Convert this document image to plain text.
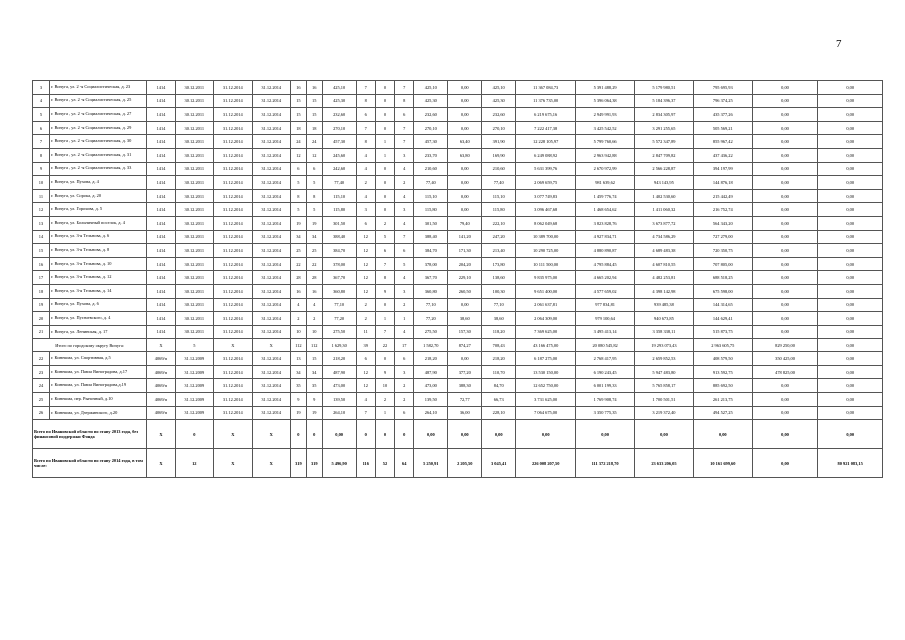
7
3	г. Вичуга, ул. 2 -я Социалистическая, д. 23	1414	30.12.2011	31.12.2014	31.12.2014	16	16	425,10	7	0	7	425,10	0,00	425,10	11 367 084,73	5 391 488,29	5 179 980,51	795 695,93	0,00	0,00
4	г. Вичуга , ул. 2 -я Социалистическая, д. 25	1414	30.12.2011	31.12.2014	31.12.2014	15	15	425,30	8	0	8	425,30	0,00	425,30	11 376 735,00	5 396 064,38	5 184 396,37	796 374,25	0,00	0,00
5	г. Вичуга , ул. 2 -я Социалистическая, д. 27	1414	30.12.2011	31.12.2014	31.12.2014	15	15	232,60	6	0	6	232,60	0,00	232,60	6 219 675,16	2 949 991,93	2 834 305,97	435 377,26	0,00	0,00
6	г. Вичуга , ул. 2 -я Социалистическая, д. 29	1414	30.12.2011	31.12.2014	31.12.2014	18	18	270,10	7	0	7	270,10	0,00	270,10	7 222 417,38	3 425 542,52	3 291 255,65	505 569,21	0,00	0,00
7	г. Вичуга , ул. 2 -я Социалистическая, д. 30	1414	30.12.2011	31.12.2014	31.12.2014	24	24	457,30	8	1	7	457,30	63,40	391,90	12 228 105,97	5 799 760,66	5 572 347,89	855 967,42	0,00	0,00
8	г. Вичуга , ул. 2 -я Социалистическая, д. 31	1414	30.12.2011	31.12.2014	31.12.2014	12	12	245,60	4	1	3	233,70	63,80	169,90	6 249 088,92	2 963 942,88	2 847 709,82	437 436,22	0,00	0,00
9	г. Вичуга , ул. 2 -я Социалистическая, д. 33	1414	30.12.2011	31.12.2014	31.12.2014	6	6	242,60	4	0	4	210,60	0,00	210,60	5 631 399,76	2 670 972,99	2 566 228,87	394 197,99	0,00	0,00
10	г. Вичуга, ул. Пухова, д. 4	1414	30.12.2011	31.12.2014	31.12.2014	5	5	77,40	2	0	2	77,40	0,00	77,40	2 069 659,75	981 639,62	943 143,95	144 876,18	0,00	0,00
11	г. Вичуга, ул. Сорока, д. 20	1414	30.12.2011	31.12.2014	31.12.2014	8	8	115,10	4	0	4	115,10	0,00	115,10	3 077 749,83	1 459 776,74	1 402 530,60	215 442,49	0,00	0,00
12	г. Вичуга, ул. Горохова, д. 5	1414	30.12.2011	31.12.2014	31.12.2014	5	5	115,80	3	0	3	115,80	0,00	115,80	3 096 467,68	1 468 654,62	1 411 060,32	216 752,74	0,00	0,00
13	г. Вичуга, ул. Больничный поселок, д. 4	1414	30.12.2011	31.12.2014	31.12.2014	19	19	301,50	6	2	4	301,50	79,40	222,10	8 062 049,68	3 823 828,76	3 673 877,72	564 343,20	0,00	0,00
14	г. Вичуга, ул. 3-я Тельнова, д. 6	1414	30.12.2011	31.12.2014	31.12.2014	34	34	388,40	12	5	7	388,40	141,20	247,20	10 389 700,00	4 927 834,71	4 734 586,29	727 279,00	0,00	0,00
15	г. Вичуга, ул. 3-я Тельнова, д. 8	1414	30.12.2011	31.12.2014	31.12.2014	25	25	384,70	12	6	6	384,70	171,30	213,40	10 290 725,00	4 880 890,87	4 689 483,38	720 350,75	0,00	0,00
16	г. Вичуга, ул. 3-я Тельнова, д. 10	1414	30.12.2011	31.12.2014	31.12.2014	22	22	378,00	12	7	5	378,00	204,20	173,80	10 111 500,00	4 795 884,45	4 607 810,55	707 805,00	0,00	0,00
17	г. Вичуга, ул. 3-я Тельнова, д. 12	1414	30.12.2011	31.12.2014	31.12.2014	28	28	367,70	12	8	4	367,70	229,10	138,60	9 835 975,00	4 665 202,94	4 482 253,81	688 518,25	0,00	0,00
18	г. Вичуга, ул. 3-я Тельнова, д. 14	1414	30.12.2011	31.12.2014	31.12.2014	16	16	360,80	12	9	3	360,80	260,50	100,30	9 651 400,00	4 577 659,02	4 398 142,98	675 598,00	0,00	0,00
19	г. Вичуга, ул. Пухова, д. 6	1414	30.12.2011	31.12.2014	31.12.2014	4	4	77,10	2	0	2	77,10	0,00	77,10	2 061 637,81	977 834,81	939 485,38	144 314,65	0,00	0,00
20	г. Вичуга, ул. Пугачевского, д. 4	1414	30.12.2011	31.12.2014	31.12.2014	2	2	77,20	2	1	1	77,20	38,60	38,60	2 064 309,00	979 100,64	940 673,85	144 629,41	0,00	0,00
21	г. Вичуга, ул. Ленинская, д. 17	1414	30.12.2011	31.12.2014	31.12.2014	10	10	275,50	11	7	4	275,50	157,30	118,20	7 369 625,00	3 495 413,14	3 358 338,11	515 873,75	0,00	0,00
Итого по городскому округу Вичуга:		X	5	X	X	112	112	1 629,30	39	22	17	1 582,70	874,27	708,43	43 166 475,00	20 080 545,82	19 293 073,43	2 963 605,75	829 250,00	0,00
22	г. Кинешма, ул. Спортивная, д.5	4069/п	31.12.2009	31.12.2014	31.12.2014	13	15	218,20	6	0	6	218,20	0,00	218,20	6 187 275,00	2 768 417,95	2 659 852,53	408 579,50	350 425,00	0,00
23	г. Кинешма, ул. Павла Виноградова, д.17	4069/п	31.12.2009	31.12.2014	31.12.2014	34	34	487,90	12	9	3	487,90	377,20	110,70	13 530 150,00	6 190 243,45	5 947 483,80	913 592,75	478 825,00	0,00
24	г. Кинешма, ул. Павла Виноградова,д.19	4069/п	31.12.2009	31.12.2014	31.12.2014	35	35	473,00	12	10	2	473,00	388,30	84,70	12 652 750,00	6 001 199,33	5 765 858,17	885 692,50	0,00	0,00
25	г. Кинешма, пер. Рыночный, д.10	4069/п	31.12.2009	31.12.2014	31.12.2014	9	9	139,50	4	2	2	139,50	72,77	66,73	3 731 625,00	1 769 908,74	1 700 501,51	261 213,75	0,00	0,00
26	г. Кинешма, ул. Дзержинского, д.20	4069/п	31.12.2009	31.12.2014	31.12.2014	19	19	264,10	7	1	6	264,10	36,00	228,10	7 064 675,00	3 350 775,35	3 219 372,40	494 527,25	0,00	0,00
Всего по Ивановской области по этапу 2013 года, без финансовой поддержки Фонда		X	0	X	X	0	0	0,00	0	0	0	0,00	0,00	0,00	0,00	0,00	0,00	0,00	0,00	0,00
Всего по Ивановской области по этапу 2014 года, в том числе:		X	12	X	X	319	319	5 496,90	116	52	64	5 250,91	2 205,50	3 045,41	226 008 207,50	111 372 218,70	23 633 206,05	10 161 699,60	0,00	80 921 083,15
